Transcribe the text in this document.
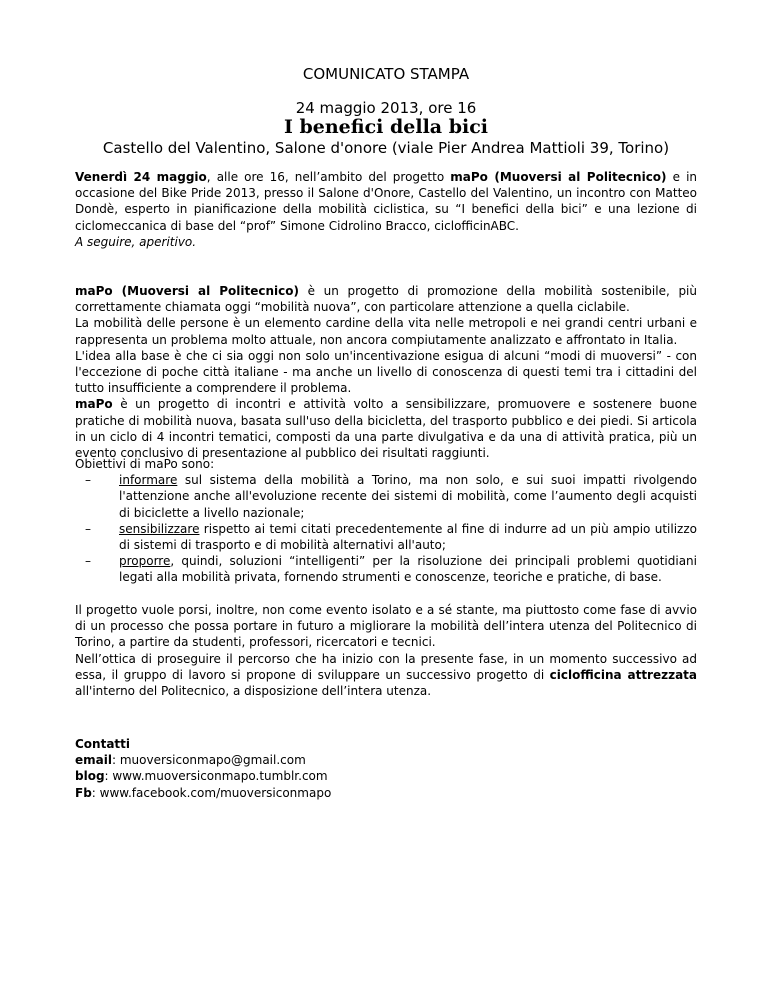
COMUNICATO STAMPA
24 maggio 2013, ore 16
I benefici della bici
Castello del Valentino, Salone d'onore (viale Pier Andrea Mattioli 39, Torino)

Venerdì 24 maggio, alle ore 16, nell’ambito del progetto maPo (Muoversi al Politecnico) e in occasione del Bike Pride 2013, presso il Salone d'Onore, Castello del Valentino, un incontro con Matteo Dondè, esperto in pianificazione della mobilità ciclistica, su “I benefici della bici” e una lezione di ciclomeccanica di base del “prof” Simone Cidrolino Bracco, ciclofficinABC.

A seguire, aperitivo.

maPo (Muoversi al Politecnico) è un progetto di promozione della mobilità sostenibile, più correttamente chiamata oggi “mobilità nuova”, con particolare attenzione a quella ciclabile.

La mobilità delle persone è un elemento cardine della vita nelle metropoli e nei grandi centri urbani e rappresenta un problema molto attuale, non ancora compiutamente analizzato e affrontato in Italia.

L'idea alla base è che ci sia oggi non solo un'incentivazione esigua di alcuni “modi di muoversi” - con l'eccezione di poche città italiane - ma anche un livello di conoscenza di questi temi tra i cittadini del tutto insufficiente a comprendere il problema.

maPo è un progetto di incontri e attività volto a sensibilizzare, promuovere e sostenere buone pratiche di mobilità nuova, basata sull'uso della bicicletta, del trasporto pubblico e dei piedi. Si articola in un ciclo di 4 incontri tematici, composti da una parte divulgativa e da una di attività pratica, più un evento conclusivo di presentazione al pubblico dei risultati raggiunti.

Obiettivi di maPo sono:

– informare sul sistema della mobilità a Torino, ma non solo, e sui suoi impatti rivolgendo l'attenzione anche all'evoluzione recente dei sistemi di mobilità, come l’aumento degli acquisti di biciclette a livello nazionale;
– sensibilizzare rispetto ai temi citati precedentemente al fine di indurre ad un più ampio utilizzo di sistemi di trasporto e di mobilità alternativi all'auto;
– proporre, quindi, soluzioni “intelligenti” per la risoluzione dei principali problemi quotidiani legati alla mobilità privata, fornendo strumenti e conoscenze, teoriche e pratiche, di base.

Il progetto vuole porsi, inoltre, non come evento isolato e a sé stante, ma piuttosto come fase di avvio di un processo che possa portare in futuro a migliorare la mobilità dell’intera utenza del Politecnico di Torino, a partire da studenti, professori, ricercatori e tecnici.

Nell’ottica di proseguire il percorso che ha inizio con la presente fase, in un momento successivo ad essa, il gruppo di lavoro si propone di sviluppare un successivo progetto di ciclofficina attrezzata all'interno del Politecnico, a disposizione dell’intera utenza.

Contatti
email: muoversiconmapo@gmail.com
blog: www.muoversiconmapo.tumblr.com
Fb: www.facebook.com/muoversiconmapo
